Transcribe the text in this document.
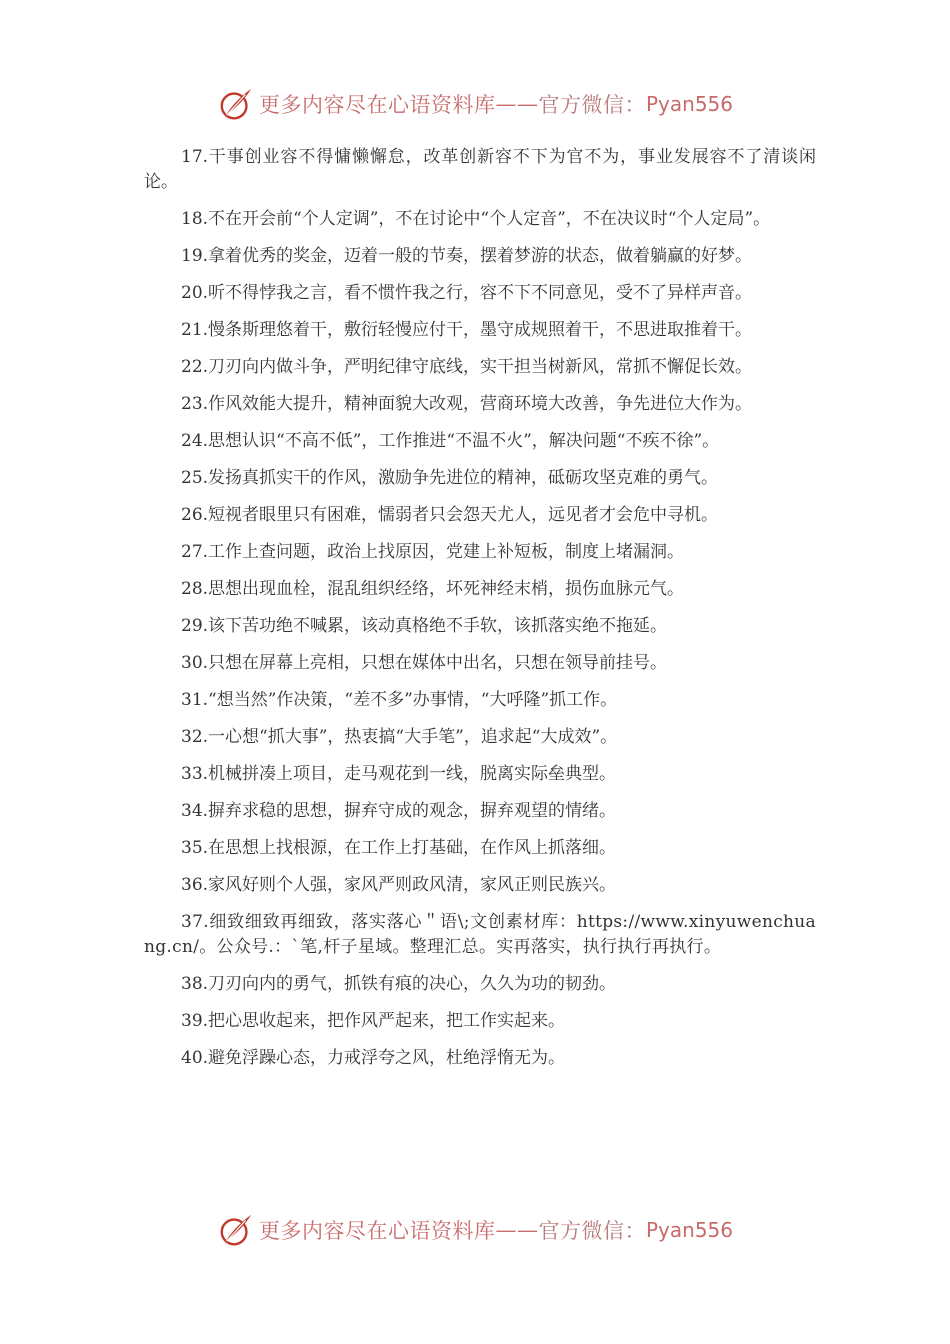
更多内容尽在心语资料库 —— 官方微信： Pyan556

17.干事创业容不得慵懒懈怠，改革创新容不下为官不为，事业发展容不了清谈闲论。

18.不在开会前“个人定调”，不在讨论中“个人定音”，不在决议时“个人定局”。

19.拿着优秀的奖金，迈着一般的节奏，摆着梦游的状态，做着躺赢的好梦。

20.听不得悖我之言，看不惯忤我之行，容不下不同意见，受不了异样声音。

21.慢条斯理悠着干，敷衍轻慢应付干，墨守成规照着干，不思进取推着干。

22.刀刃向内做斗争，严明纪律守底线，实干担当树新风，常抓不懈促长效。

23.作风效能大提升，精神面貌大改观，营商环境大改善，争先进位大作为。

24.思想认识“不高不低”，工作推进“不温不火”，解决问题“不疾不徐”。

25.发扬真抓实干的作风，激励争先进位的精神，砥砺攻坚克难的勇气。

26.短视者眼里只有困难，懦弱者只会怨天尤人，远见者才会危中寻机。

27.工作上查问题，政治上找原因，党建上补短板，制度上堵漏洞。

28.思想出现血栓，混乱组织经络，坏死神经末梢，损伤血脉元气。

29.该下苦功绝不喊累，该动真格绝不手软，该抓落实绝不拖延。

30.只想在屏幕上亮相，只想在媒体中出名，只想在领导前挂号。

31.“想当然”作决策，“差不多”办事情，“大呼隆”抓工作。

32.一心想“抓大事”，热衷搞“大手笔”，追求起“大成效”。

33.机械拼凑上项目，走马观花到一线，脱离实际垒典型。

34.摒弃求稳的思想，摒弃守成的观念，摒弃观望的情绪。

35.在思想上找根源，在工作上打基础，在作风上抓落细。

36.家风好则个人强，家风严则政风清，家风正则民族兴。

37.细致细致再细致，落实落心＂语\;文创素材库：https://www.xinyuwenchuang.cn/。公众号.：`笔,杆子星域。整理汇总。实再落实，执行执行再执行。

38.刀刃向内的勇气，抓铁有痕的决心，久久为功的韧劲。

39.把心思收起来，把作风严起来，把工作实起来。

40.避免浮躁心态，力戒浮夸之风，杜绝浮惰无为。

更多内容尽在心语资料库 —— 官方微信： Pyan556
